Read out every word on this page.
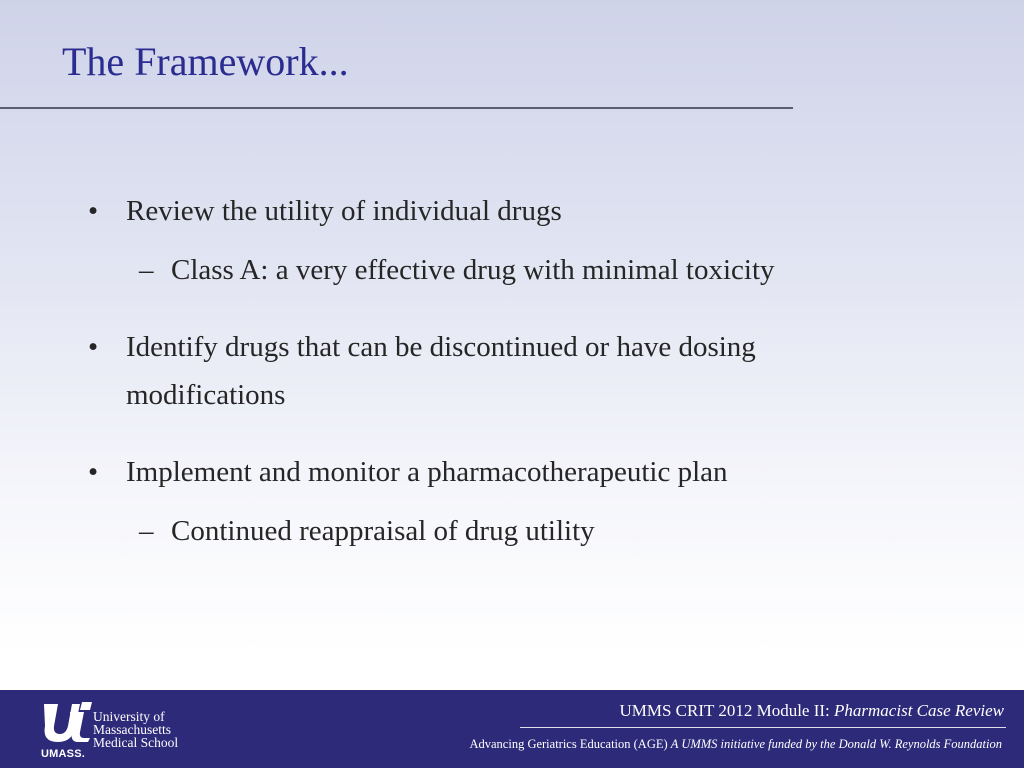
The Framework...
• Review the utility of individual drugs
– Class A: a very effective drug with minimal toxicity
• Identify drugs that can be discontinued or have dosing
modifications
• Implement and monitor a pharmacotherapeutic plan
– Continued reappraisal of drug utility
University of
Massachusetts
Medical School
UMASS.
UMMS CRIT 2012 Module II: Pharmacist Case Review
Advancing Geriatrics Education (AGE) A UMMS initiative funded by the Donald W. Reynolds Foundation
